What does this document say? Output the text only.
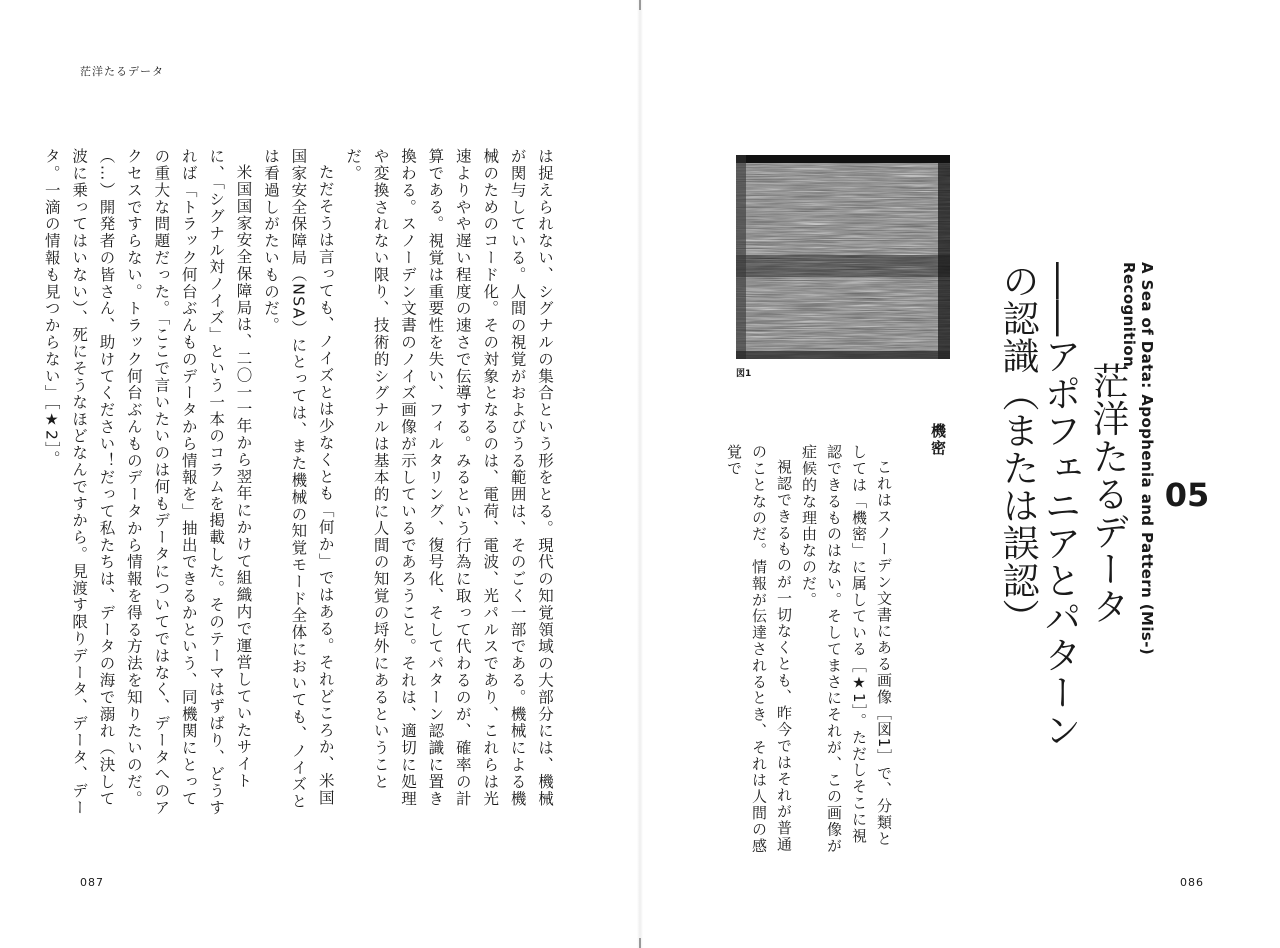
茫洋たるデータ

は捉えられない、シグナルの集合という形をとる。現代の知覚領域の大部分には、機械が関与している。人間の視覚がおよびうる範囲は、そのごく一部である。機械による機械のためのコード化。その対象となるのは、電荷、電波、光パルスであり、これらは光速よりやや遅い程度の速さで伝導する。みるという行為に取って代わるのが、確率の計算である。視覚は重要性を失い、フィルタリング、復号化、そしてパターン認識に置き換わる。スノーデン文書のノイズ画像が示しているであろうこと。それは、適切に処理や変換されない限り、技術的シグナルは基本的に人間の知覚の埒外にあるということだ。

ただそうは言っても、ノイズとは少なくとも「何か」ではある。それどころか、米国国家安全保障局（NSA）にとっては、また機械の知覚モード全体においても、ノイズとは看過しがたいものだ。

米国国家安全保障局は、二〇一一年から翌年にかけて組織内で運営していたサイトに、「シグナル対ノイズ」という一本のコラムを掲載した。そのテーマはずばり、どうすれば「トラック何台ぶんものデータから情報を」抽出できるかという、同機関にとっての重大な問題だった。「ここで言いたいのは何もデータについてではなく、データへのアクセスですらない。トラック何台ぶんものデータから情報を得る方法を知りたいのだ。（…）開発者の皆さん、助けてください！だって私たちは、データの海で溺れ（決して波に乗ってはいない）、死にそうなほどなんですから。見渡す限りデータ、データ、データ。一滴の情報も見つからない」［★2］。

087
05
A Sea of Data: Apophenia and Pattern (Mis-) Recognition
茫洋たるデータ
――アポフェニアとパターンの認識（または誤認）
図1
機密

これはスノーデン文書にある画像［図1］で、分類としては「機密」に属している［★1］。ただしそこに視認できるものはない。そしてまさにそれが、この画像が症候的な理由なのだ。

視認できるものが一切なくとも、昨今ではそれが普通のことなのだ。情報が伝達されるとき、それは人間の感覚で

086
